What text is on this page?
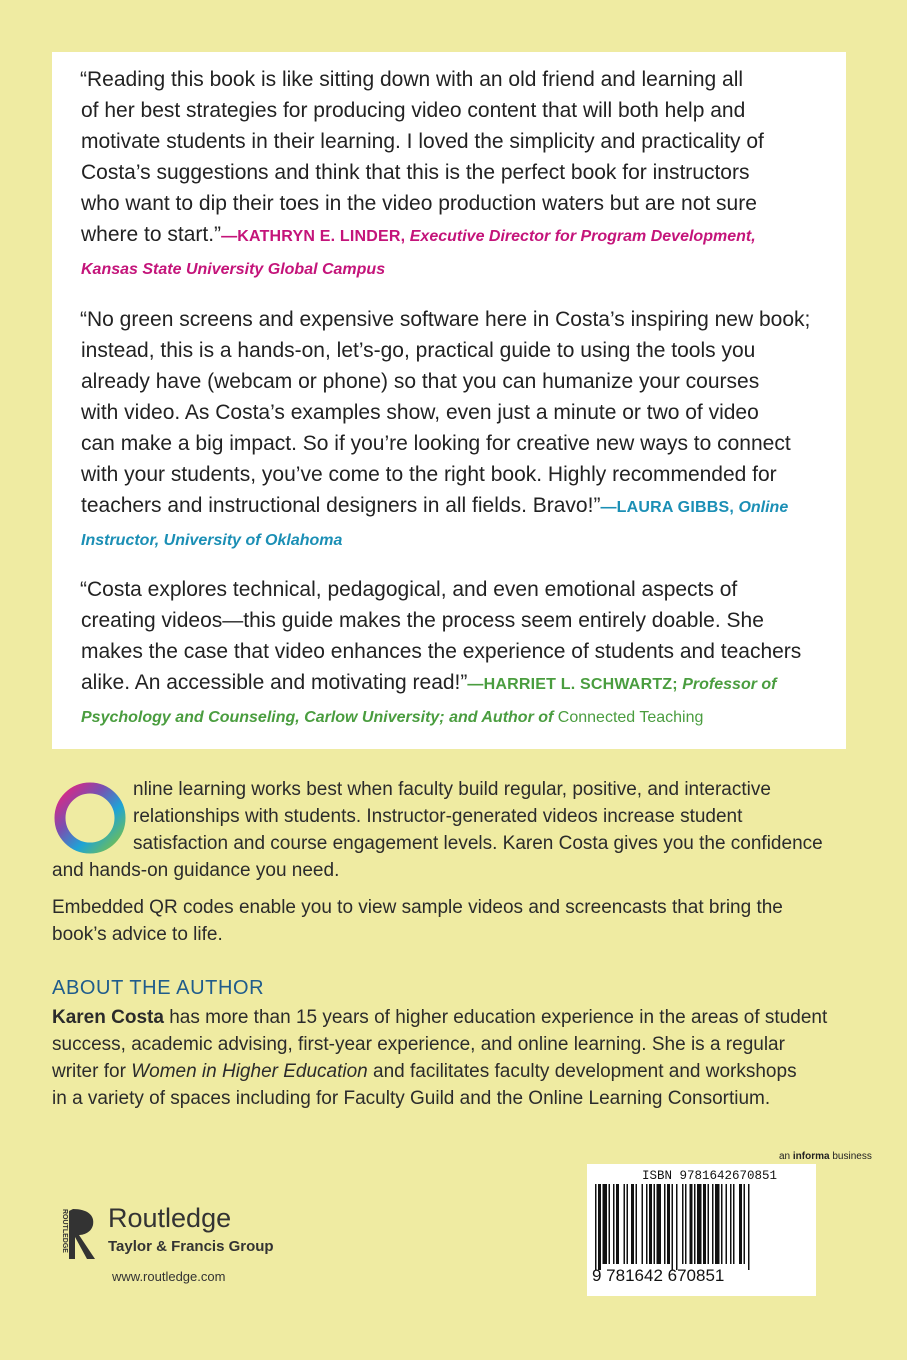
“Reading this book is like sitting down with an old friend and learning all
of her best strategies for producing video content that will both help and
motivate students in their learning. I loved the simplicity and practicality of
Costa’s suggestions and think that this is the perfect book for instructors
who want to dip their toes in the video production waters but are not sure
where to start.”—KATHRYN E. LINDER, Executive Director for Program Development,
Kansas State University Global Campus
“No green screens and expensive software here in Costa’s inspiring new book;
instead, this is a hands-on, let’s-go, practical guide to using the tools you
already have (webcam or phone) so that you can humanize your courses
with video. As Costa’s examples show, even just a minute or two of video
can make a big impact. So if you’re looking for creative new ways to connect
with your students, you’ve come to the right book. Highly recommended for
teachers and instructional designers in all fields. Bravo!”—LAURA GIBBS, Online
Instructor, University of Oklahoma
“Costa explores technical, pedagogical, and even emotional aspects of
creating videos—this guide makes the process seem entirely doable. She
makes the case that video enhances the experience of students and teachers
alike. An accessible and motivating read!”—HARRIET L. SCHWARTZ; Professor of
Psychology and Counseling, Carlow University; and Author of Connected Teaching
nline learning works best when faculty build regular, positive, and interactive
relationships with students. Instructor-generated videos increase student
satisfaction and course engagement levels. Karen Costa gives you the confidence
and hands-on guidance you need.
Embedded QR codes enable you to view sample videos and screencasts that bring the
book’s advice to life.
ABOUT THE AUTHOR
Karen Costa has more than 15 years of higher education experience in the areas of student
success, academic advising, first-year experience, and online learning. She is a regular
writer for Women in Higher Education and facilitates faculty development and workshops
in a variety of spaces including for Faculty Guild and the Online Learning Consortium.
ROUTLEDGE Routledge
Taylor & Francis Group
www.routledge.com
an informa business
ISBN 9781642670851
9 781642 670851
